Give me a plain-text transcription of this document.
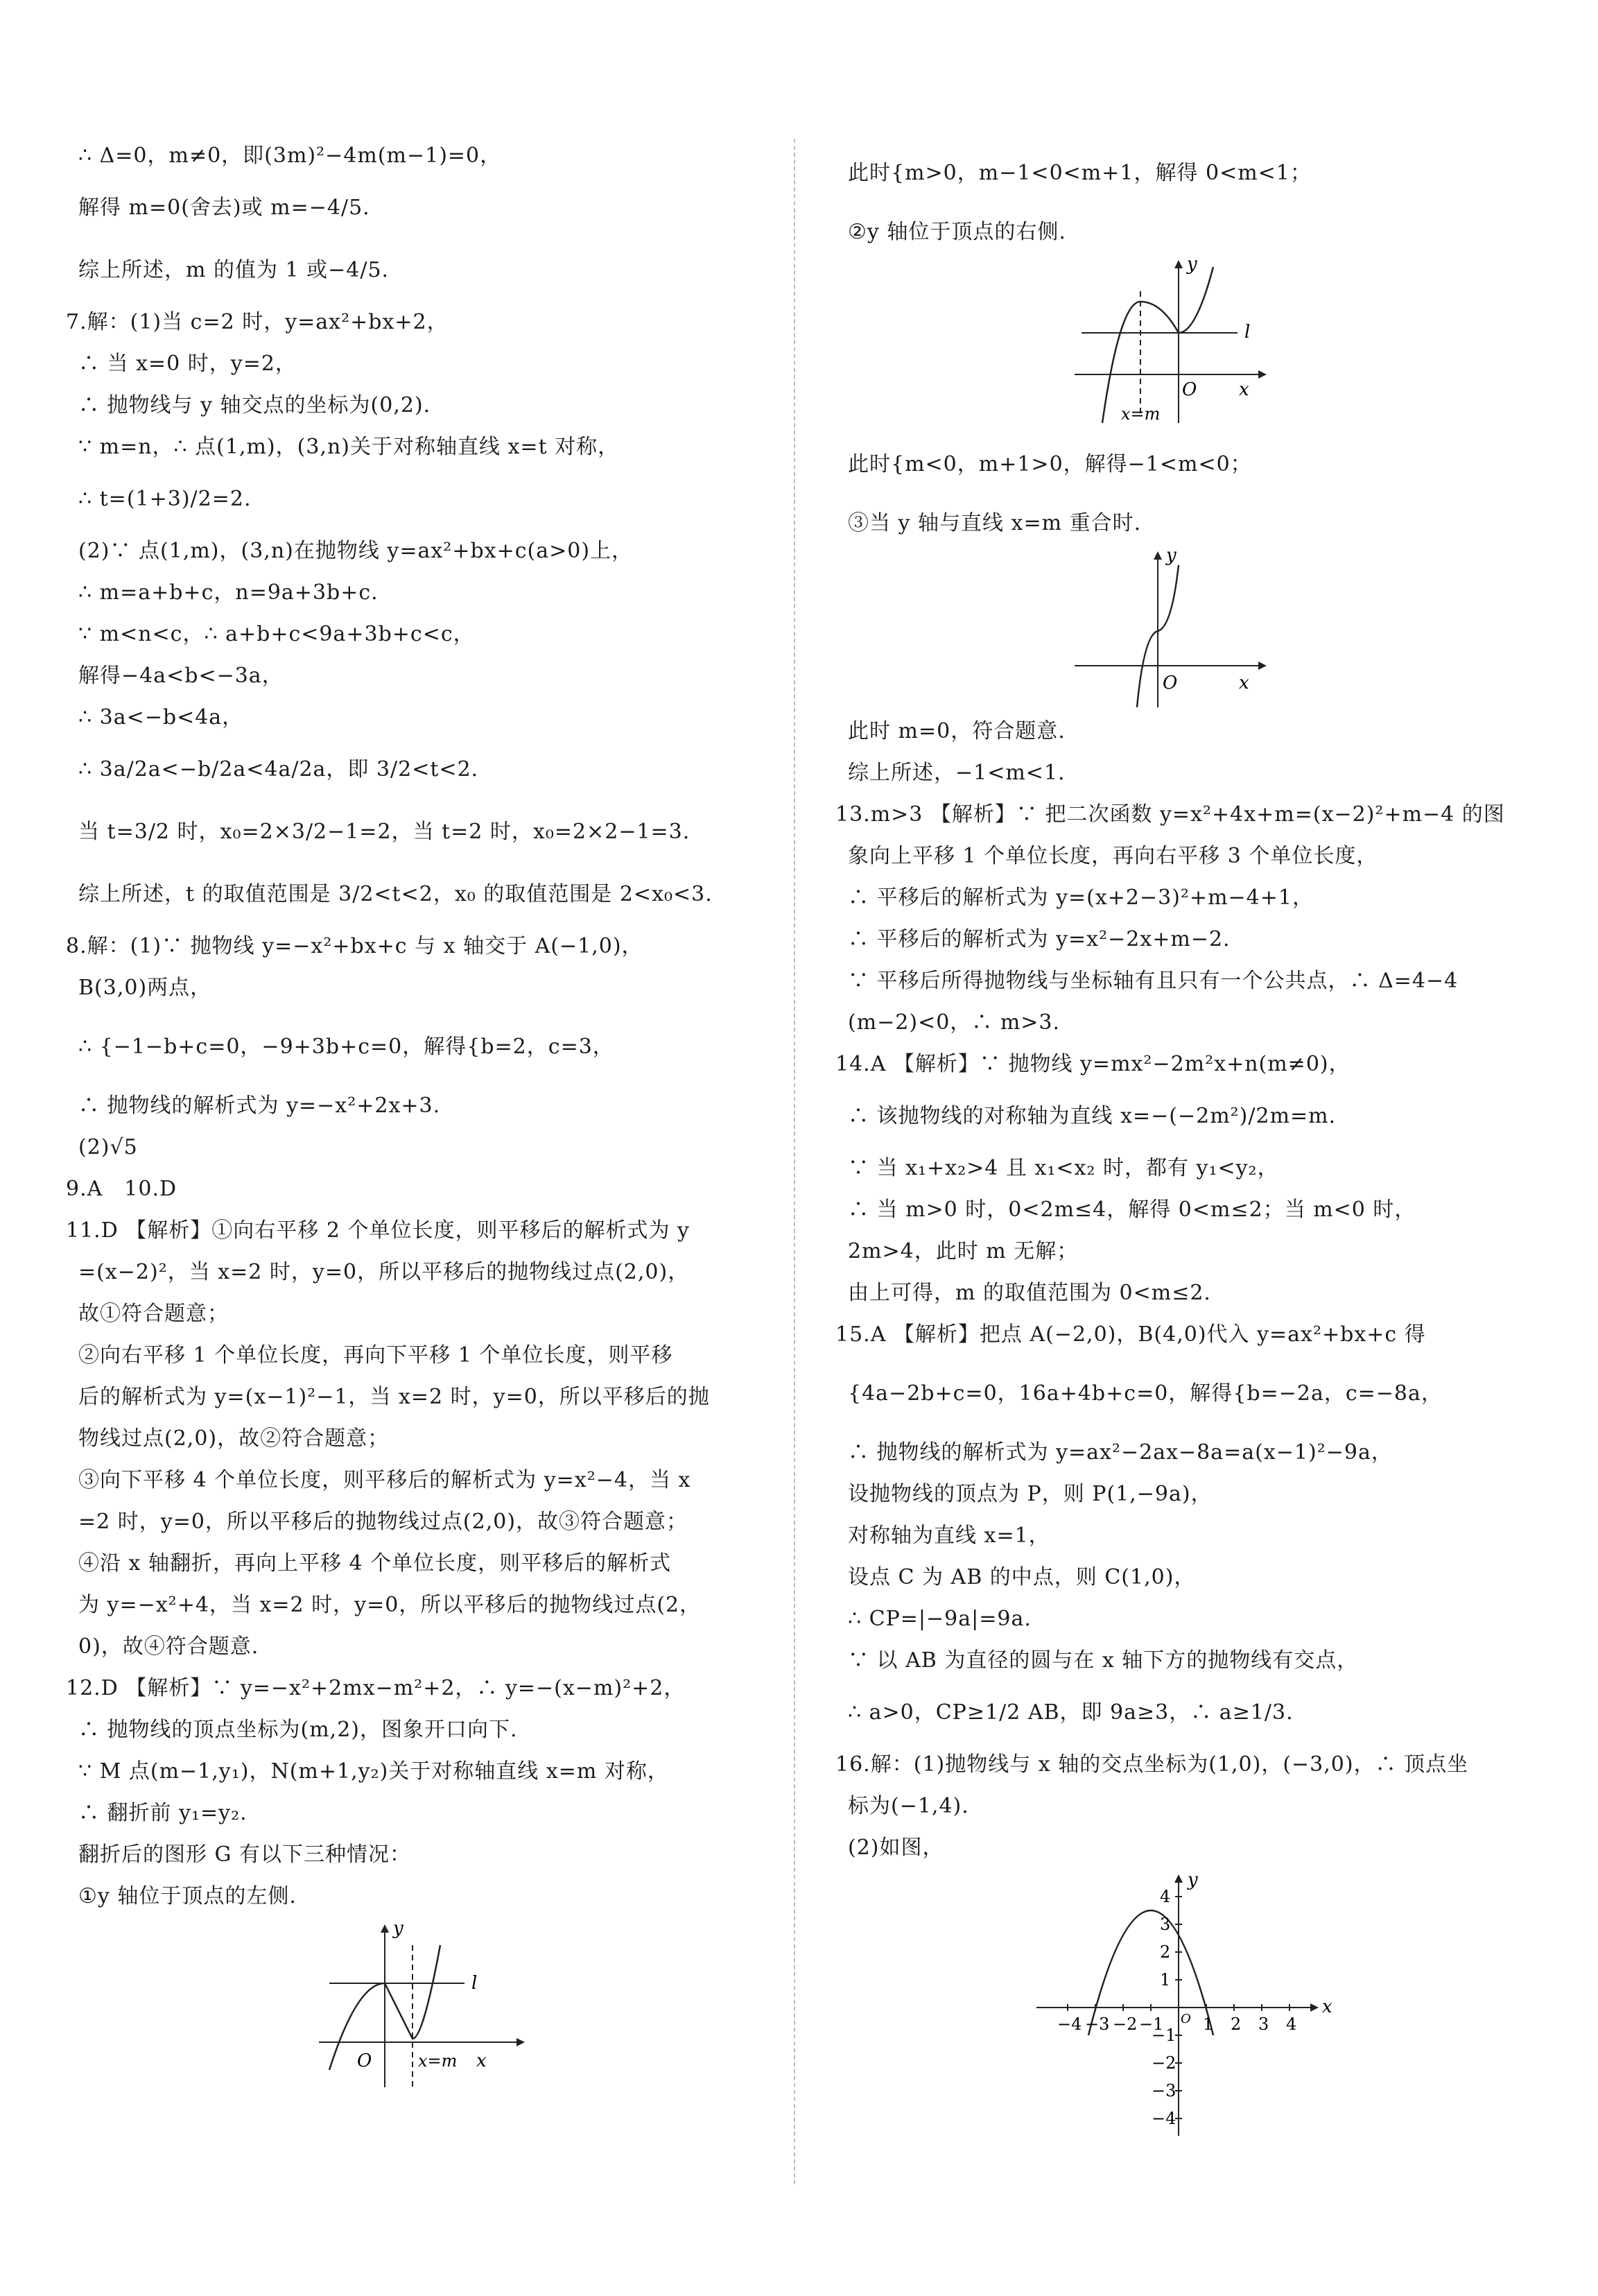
∴ Δ=0，m≠0，即(3m)²−4m(m−1)=0，
解得 m=0(舍去)或 m=−4/5.
综上所述，m 的值为 1 或−4/5.
7.解：(1)当 c=2 时，y=ax²+bx+2，
∴ 当 x=0 时，y=2，
∴ 抛物线与 y 轴交点的坐标为(0,2).
∵ m=n，∴ 点(1,m)，(3,n)关于对称轴直线 x=t 对称，
∴ t=(1+3)/2=2.
(2)∵ 点(1,m)，(3,n)在抛物线 y=ax²+bx+c(a>0)上，
∴ m=a+b+c，n=9a+3b+c.
∵ m<n<c，∴ a+b+c<9a+3b+c<c，
解得−4a<b<−3a，
∴ 3a<−b<4a，
∴ 3a/2a<−b/2a<4a/2a，即 3/2<t<2.
当 t=3/2 时，x₀=2×3/2−1=2，当 t=2 时，x₀=2×2−1=3.
综上所述，t 的取值范围是 3/2<t<2，x₀ 的取值范围是 2<x₀<3.
8.解：(1)∵ 抛物线 y=−x²+bx+c 与 x 轴交于 A(−1,0)，
B(3,0)两点，
∴ {−1−b+c=0，−9+3b+c=0，解得{b=2，c=3，
∴ 抛物线的解析式为 y=−x²+2x+3.
(2)√5
9.A　10.D
11.D 【解析】①向右平移 2 个单位长度，则平移后的解析式为 y
=(x−2)²，当 x=2 时，y=0，所以平移后的抛物线过点(2,0)，
故①符合题意；
②向右平移 1 个单位长度，再向下平移 1 个单位长度，则平移
后的解析式为 y=(x−1)²−1，当 x=2 时，y=0，所以平移后的抛
物线过点(2,0)，故②符合题意；
③向下平移 4 个单位长度，则平移后的解析式为 y=x²−4，当 x
=2 时，y=0，所以平移后的抛物线过点(2,0)，故③符合题意；
④沿 x 轴翻折，再向上平移 4 个单位长度，则平移后的解析式
为 y=−x²+4，当 x=2 时，y=0，所以平移后的抛物线过点(2，
0)，故④符合题意.
12.D 【解析】∵ y=−x²+2mx−m²+2，∴ y=−(x−m)²+2，
∴ 抛物线的顶点坐标为(m,2)，图象开口向下.
∵ M 点(m−1,y₁)，N(m+1,y₂)关于对称轴直线 x=m 对称，
∴ 翻折前 y₁=y₂.
翻折后的图形 G 有以下三种情况：
①y 轴位于顶点的左侧.
y
l
O	x
x=m
此时{m>0，m−1<0<m+1，解得 0<m<1；
②y 轴位于顶点的右侧.
y
l
O x
x=m
此时{m<0，m+1>0，解得−1<m<0；
③当 y 轴与直线 x=m 重合时.
y
O	x
此时 m=0，符合题意.
综上所述，−1<m<1.
13.m>3 【解析】∵ 把二次函数 y=x²+4x+m=(x−2)²+m−4 的图
象向上平移 1 个单位长度，再向右平移 3 个单位长度，
∴ 平移后的解析式为 y=(x+2−3)²+m−4+1，
∴ 平移后的解析式为 y=x²−2x+m−2.
∵ 平移后所得抛物线与坐标轴有且只有一个公共点，∴ Δ=4−4
(m−2)<0，∴ m>3.
14.A 【解析】∵ 抛物线 y=mx²−2m²x+n(m≠0)，
∴ 该抛物线的对称轴为直线 x=−(−2m²)/2m=m.
∵ 当 x₁+x₂>4 且 x₁<x₂ 时，都有 y₁<y₂，
∴ 当 m>0 时，0<2m≤4，解得 0<m≤2；当 m<0 时，
2m>4，此时 m 无解；
由上可得，m 的取值范围为 0<m≤2.
15.A 【解析】把点 A(−2,0)，B(4,0)代入 y=ax²+bx+c 得
{4a−2b+c=0，16a+4b+c=0，解得{b=−2a，c=−8a，
∴ 抛物线的解析式为 y=ax²−2ax−8a=a(x−1)²−9a，
设抛物线的顶点为 P，则 P(1,−9a)，
对称轴为直线 x=1，
设点 C 为 AB 的中点，则 C(1,0)，
∴ CP=|−9a|=9a.
∵ 以 AB 为直径的圆与在 x 轴下方的抛物线有交点，
∴ a>0，CP≥1/2 AB，即 9a≥3，∴ a≥1/3.
16.解：(1)抛物线与 x 轴的交点坐标为(1,0)，(−3,0)，∴ 顶点坐
标为(−1,4).
(2)如图，
−4 −3 −2 −1 1 2 3 4
4
3
2
1
−1
−2
−3
−4
y
x
O
